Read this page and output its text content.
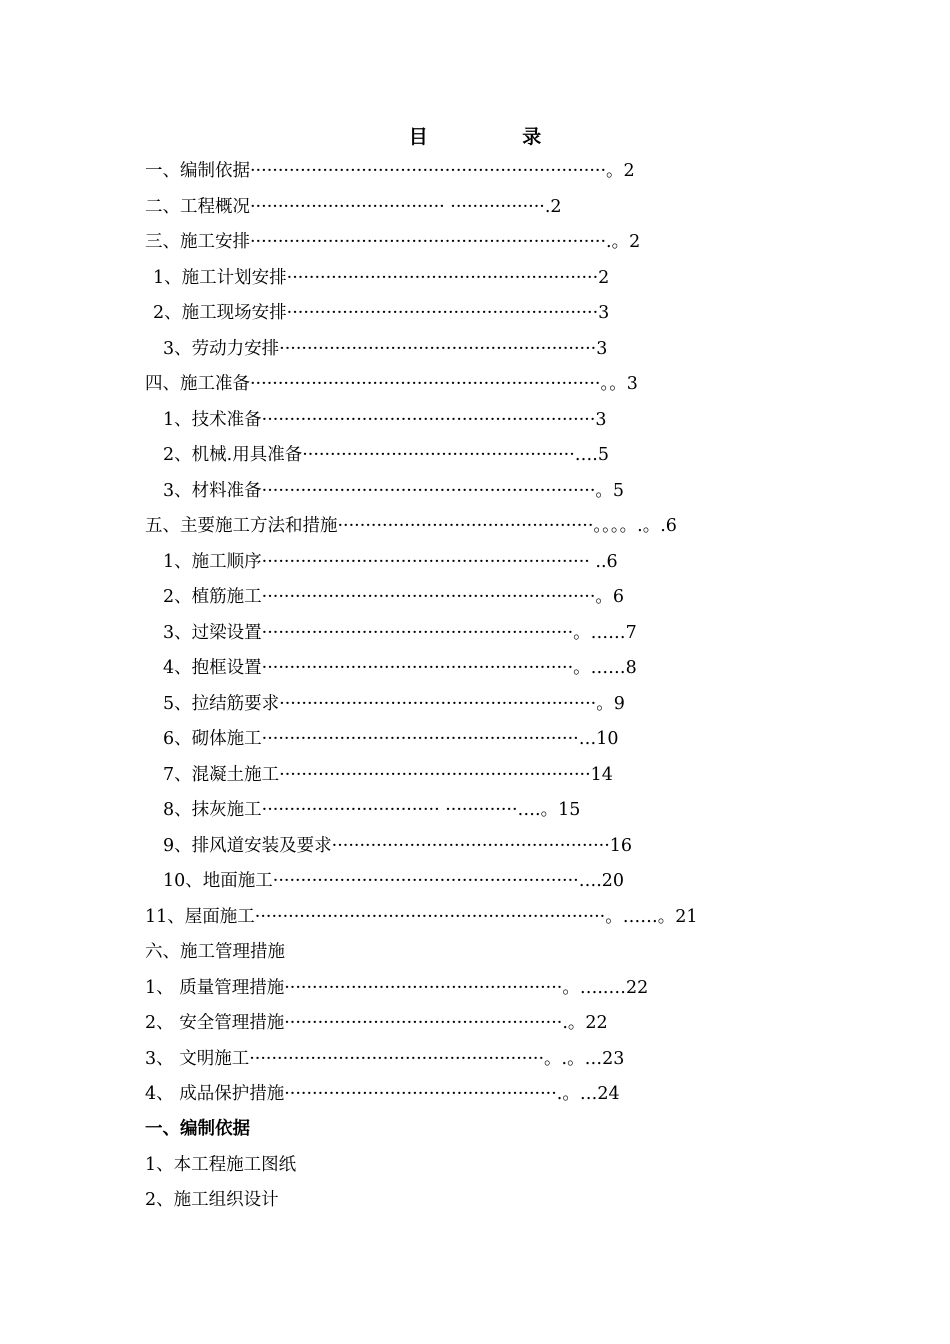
目 录
一、编制依据································································。2
二、工程概况··································· ·················.2
三、施工安排································································.。2
1、施工计划安排························································2
2、施工现场安排························································3
3、劳动力安排·························································3
四、施工准备·······························································。。3
1、技术准备····························································3
2、机械.用具准备·················································….5
3、材料准备····························································。5
五、主要施工方法和措施··············································。。。。.。.6
1、施工顺序··························································· ..6
2、植筋施工····························································。6
3、过梁设置························································。……7
4、抱框设置························································。……8
5、拉结筋要求·························································。9
6、砌体施工·························································…10
7、混凝土施工························································14
8、抹灰施工································ ·············….。15
9、排风道安装及要求··················································16
10、地面施工·······················································….20
11、屋面施工·······························································。……。21
六、施工管理措施
1、 质量管理措施··················································。…..…22
2、 安全管理措施··················································.。22
3、 文明施工·····················································。.。…23
4、 成品保护措施·················································.。…24
一、编制依据
1、本工程施工图纸
2、施工组织设计
